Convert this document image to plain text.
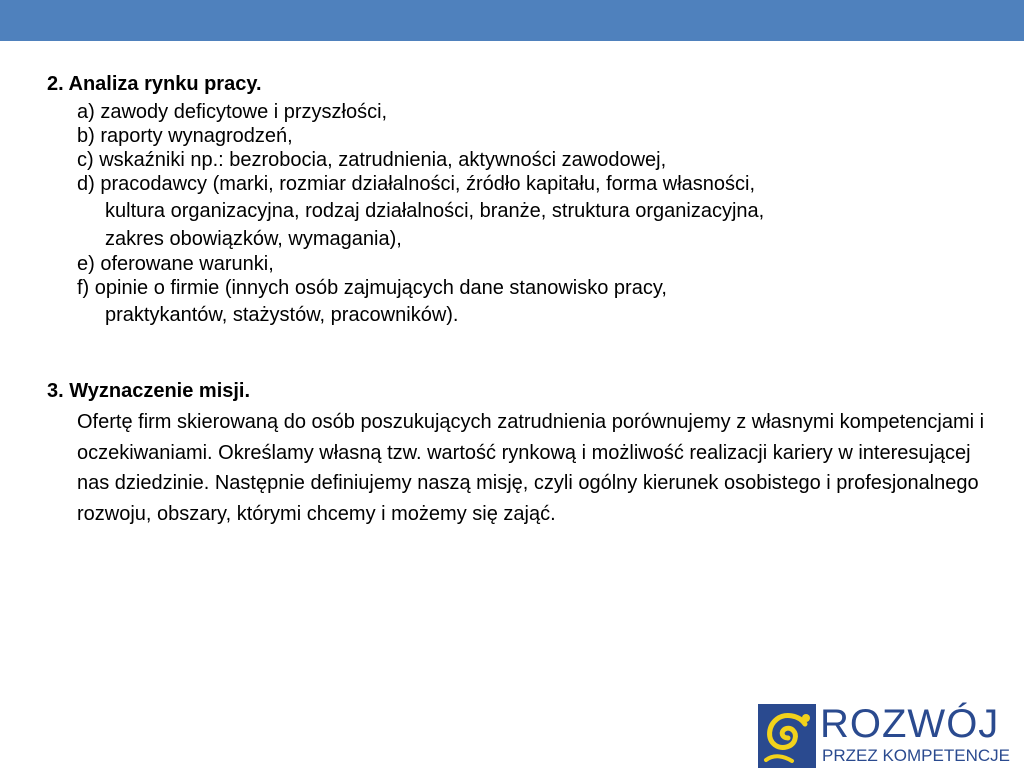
2. Analiza rynku pracy.

a) zawody deficytowe i przyszłości,
b) raporty wynagrodzeń,
c) wskaźniki np.: bezrobocia, zatrudnienia, aktywności zawodowej,
d) pracodawcy (marki, rozmiar działalności, źródło kapitału, forma własności,
kultura organizacyjna, rodzaj działalności, branże, struktura organizacyjna,
zakres obowiązków, wymagania),
e) oferowane warunki,
f) opinie o firmie (innych osób zajmujących dane stanowisko pracy,
praktykantów, stażystów, pracowników).

3. Wyznaczenie misji.

Ofertę firm skierowaną do osób poszukujących zatrudnienia porównujemy z własnymi kompetencjami i oczekiwaniami. Określamy własną tzw. wartość rynkową i możliwość realizacji kariery w interesującej nas dziedzinie. Następnie definiujemy naszą misję, czyli ogólny kierunek osobistego i profesjonalnego rozwoju, obszary, którymi chcemy i możemy się zająć.

ROZWÓJ
PRZEZ KOMPETENCJE
